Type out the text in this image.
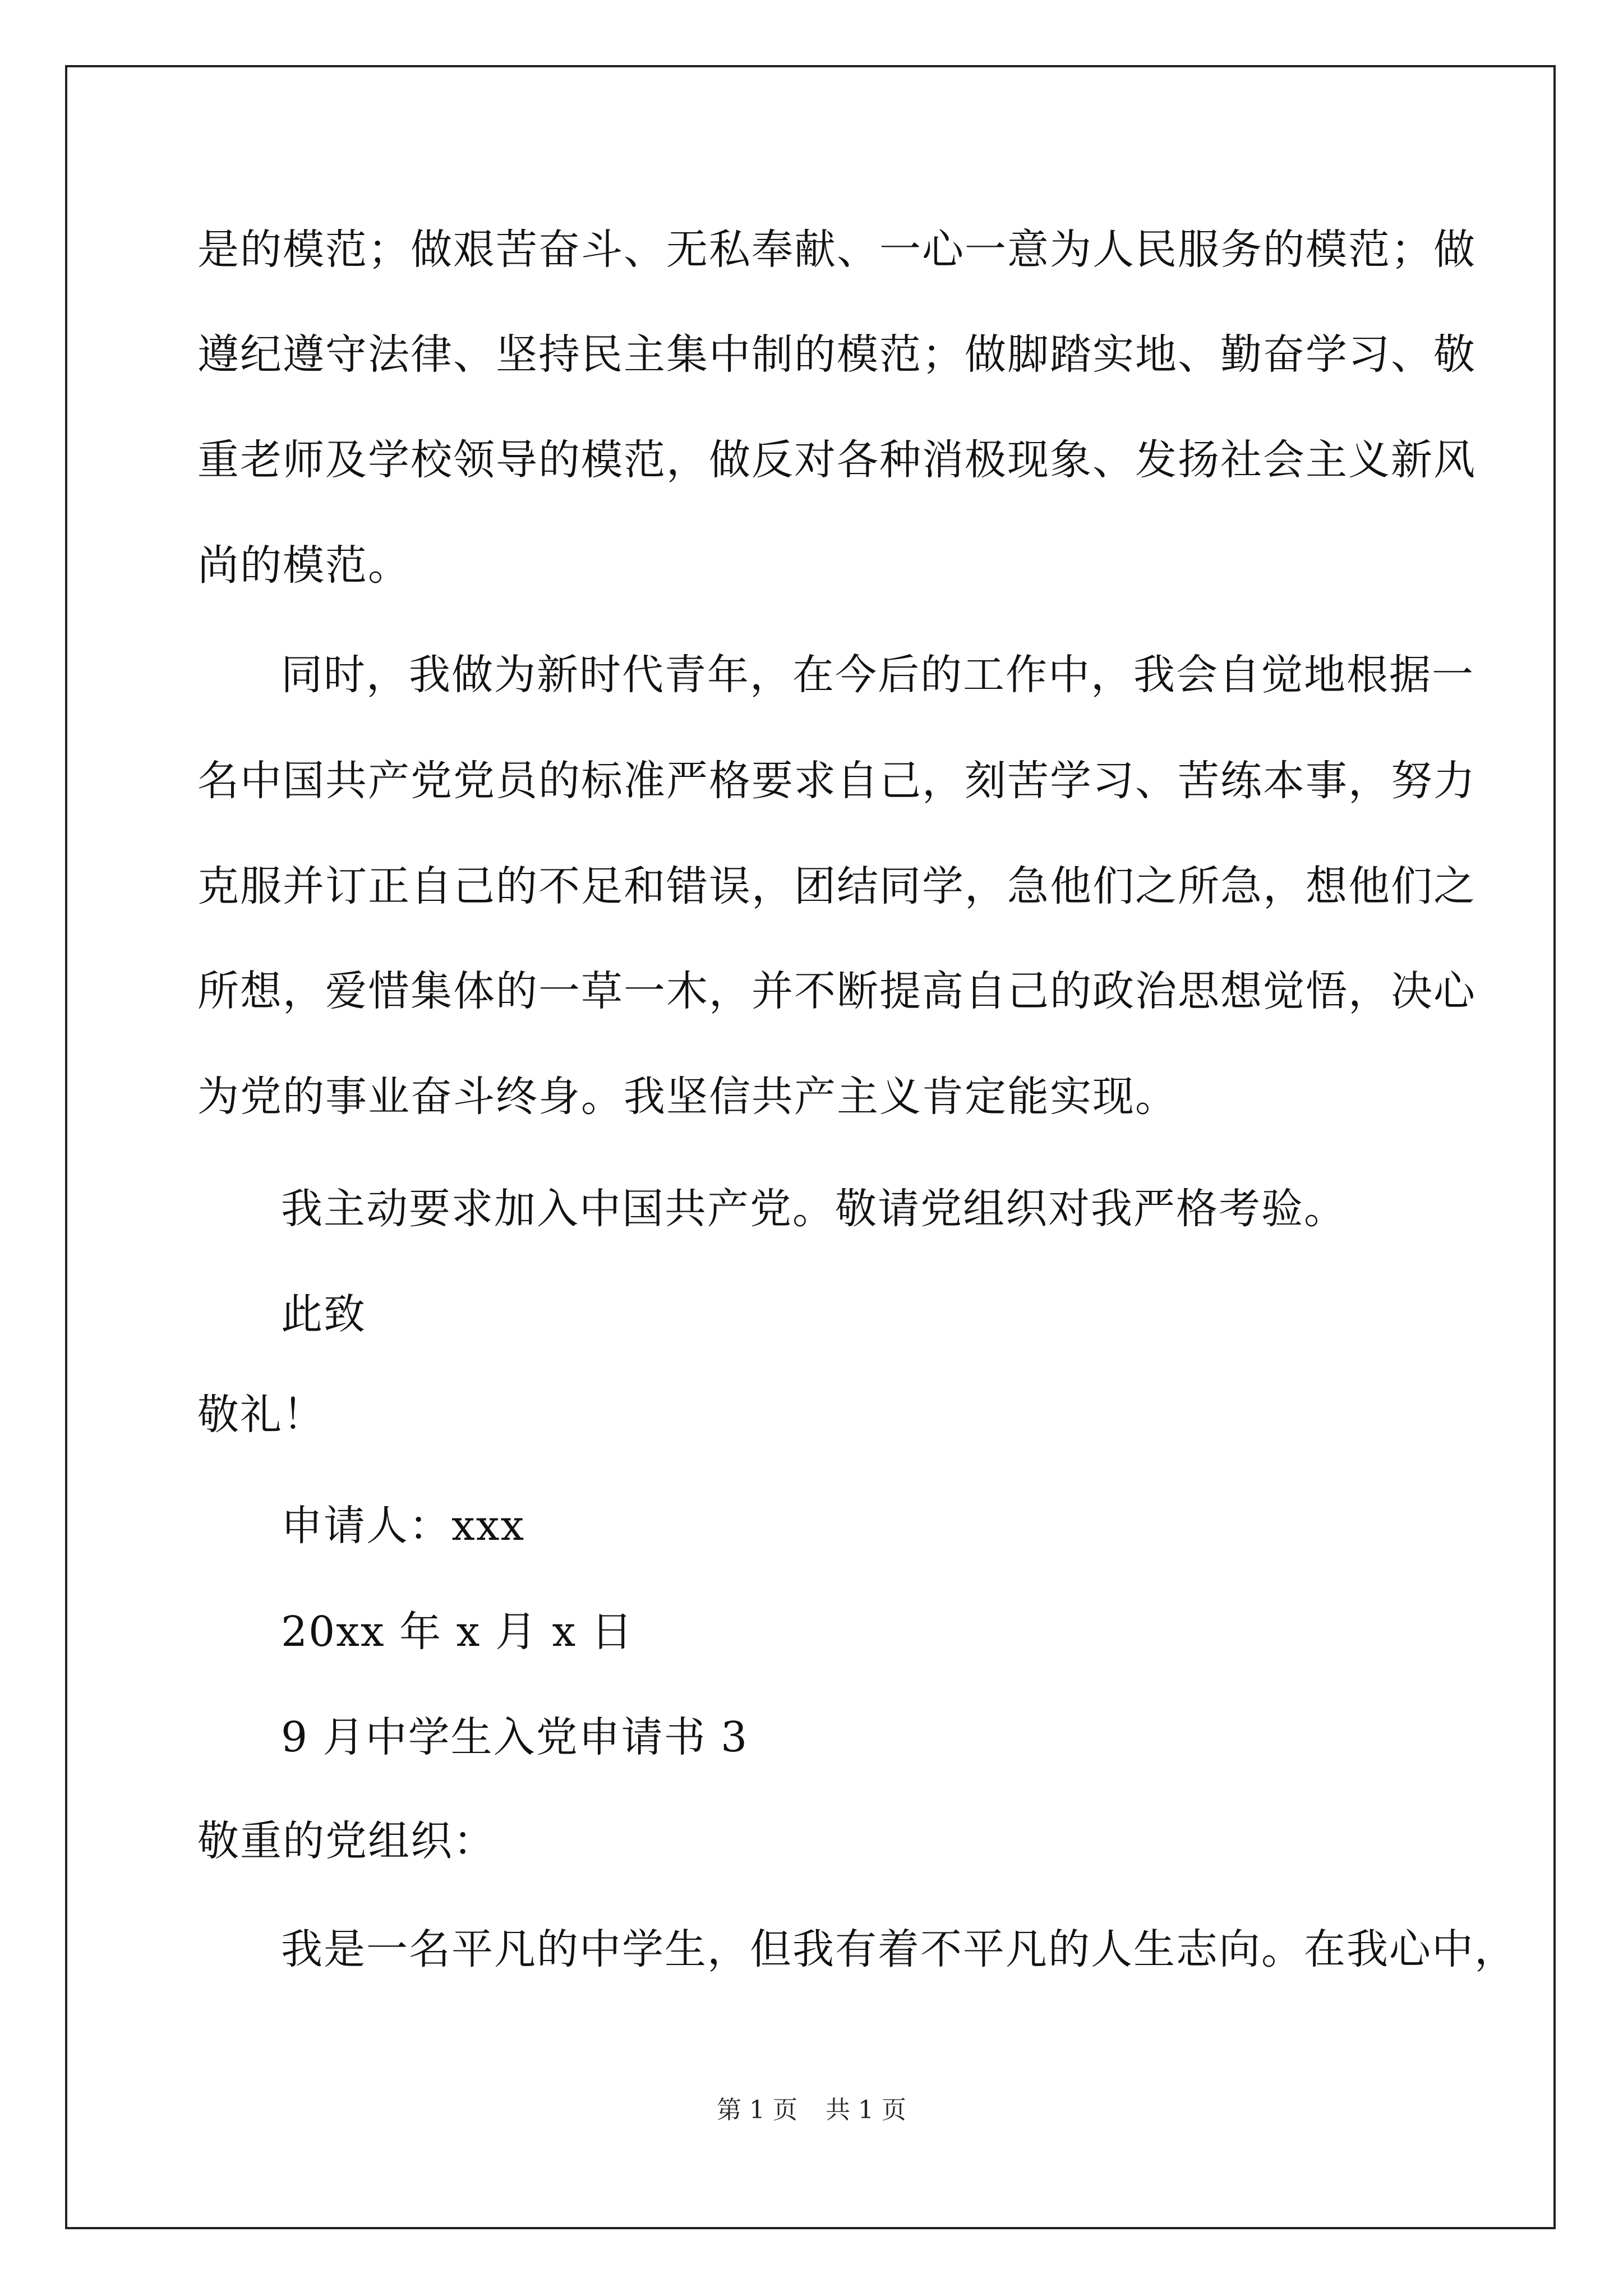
是的模范；做艰苦奋斗、无私奉献、一心一意为人民服务的模范；做
遵纪遵守法律、坚持民主集中制的模范；做脚踏实地、勤奋学习、敬
重老师及学校领导的模范，做反对各种消极现象、发扬社会主义新风
尚的模范。
同时，我做为新时代青年，在今后的工作中，我会自觉地根据一
名中国共产党党员的标准严格要求自己，刻苦学习、苦练本事，努力
克服并订正自己的不足和错误，团结同学，急他们之所急，想他们之
所想，爱惜集体的一草一木，并不断提高自己的政治思想觉悟，决心
为党的事业奋斗终身。我坚信共产主义肯定能实现。
我主动要求加入中国共产党。敬请党组织对我严格考验。
此致
敬礼！
申请人：xxx
20xx 年 x 月 x 日
9 月中学生入党申请书 3
敬重的党组织：
我是一名平凡的中学生，但我有着不平凡的人生志向。在我心中，
第 1 页 共 1 页
